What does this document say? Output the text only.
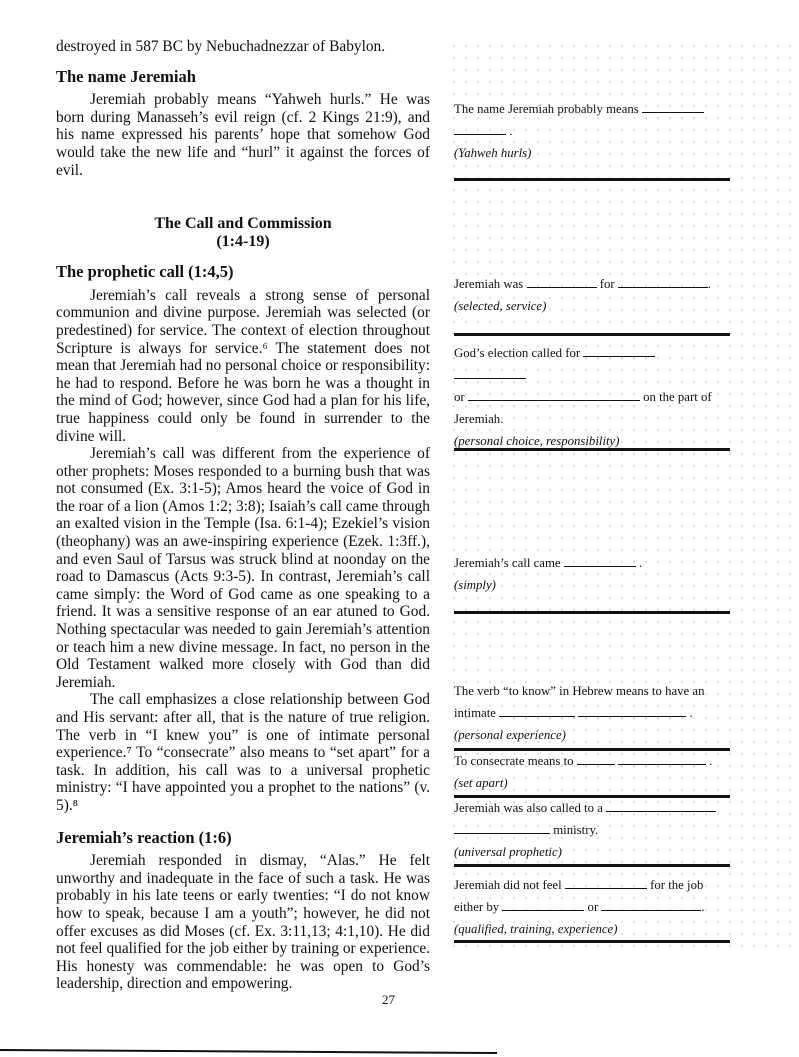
destroyed in 587 BC by Nebuchadnezzar of Babylon.

The name Jeremiah

Jeremiah probably means “Yahweh hurls.” He was born during Manasseh’s evil reign (cf. 2 Kings 21:9), and his name expressed his parents’ hope that somehow God would take the new life and “hurl” it against the forces of evil.

The Call and Commission
(1:4-19)

The prophetic call (1:4,5)

Jeremiah’s call reveals a strong sense of personal communion and divine purpose. Jeremiah was selected (or predestined) for service. The context of election throughout Scripture is always for service.⁶ The statement does not mean that Jeremiah had no personal choice or responsibility: he had to respond. Before he was born he was a thought in the mind of God; however, since God had a plan for his life, true happiness could only be found in surrender to the divine will.

Jeremiah’s call was different from the experience of other prophets: Moses responded to a burning bush that was not consumed (Ex. 3:1-5); Amos heard the voice of God in the roar of a lion (Amos 1:2; 3:8); Isaiah’s call came through an exalted vision in the Temple (Isa. 6:1-4); Ezekiel’s vision (theophany) was an awe-inspiring experience (Ezek. 1:3ff.), and even Saul of Tarsus was struck blind at noonday on the road to Damascus (Acts 9:3-5). In contrast, Jeremiah’s call came simply: the Word of God came as one speaking to a friend. It was a sensitive response of an ear atuned to God. Nothing spectacular was needed to gain Jeremiah’s attention or teach him a new divine message. In fact, no person in the Old Testament walked more closely with God than did Jeremiah.

The call emphasizes a close relationship between God and His servant: after all, that is the nature of true religion. The verb in “I knew you” is one of intimate personal experience.⁷ To “consecrate” also means to “set apart” for a task. In addition, his call was to a universal prophetic ministry: “I have appointed you a prophet to the nations” (v. 5).⁸

Jeremiah’s reaction (1:6)

Jeremiah responded in dismay, “Alas.” He felt unworthy and inadequate in the face of such a task. He was probably in his late teens or early twenties: “I do not know how to speak, because I am a youth”; however, he did not offer excuses as did Moses (cf. Ex. 3:11,13; 4:1,10). He did not feel qualified for the job either by training or experience. His honesty was commendable: he was open to God’s leadership, direction and empowering.

The name Jeremiah probably means
.
(Yahweh hurls)
Jeremiah was	for	.
(selected, service)
God’s election called for
or	on the part of
Jeremiah.
(personal choice, responsibility)
Jeremiah’s call came	.
(simply)
The verb “to know” in Hebrew means to have an
intimate	.
(personal experience)
To consecrate means to	.
(set apart)
Jeremiah was also called to a
ministry.
(universal prophetic)
Jeremiah did not feel	for the job
either by	or	.
(qualified, training, experience)
27
